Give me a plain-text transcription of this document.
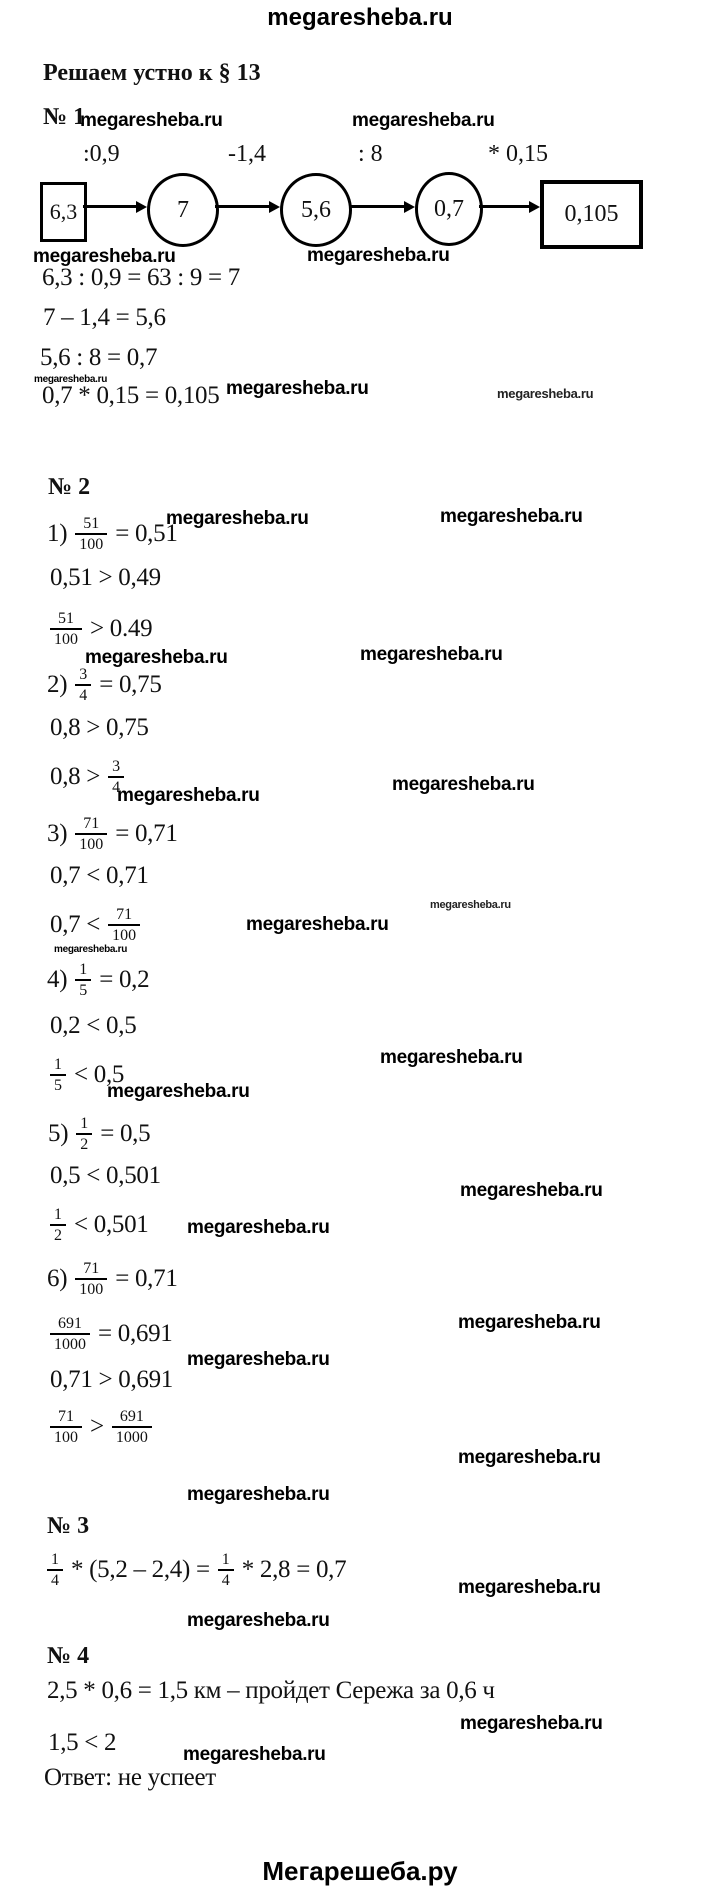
megaresheba.ru
Решаем устно к § 13
№ 1
megaresheba.ru	megaresheba.ru
:0,9	-1,4	: 8	* 0,15
6,3	7	5,6	0,7	0,105
megaresheba.ru	megaresheba.ru
6,3 : 0,9 = 63 : 9 = 7
7 – 1,4 = 5,6
5,6 : 8 = 0,7
megaresheba.ru
0,7 * 0,15 = 0,105 megaresheba.ru	megaresheba.ru
№ 2
$1) \frac{51}{100} = 0,51$
megaresheba.ru	megaresheba.ru
0,51 > 0,49
$\frac{51}{100} > 0.49$
megaresheba.ru	megaresheba.ru
$2) \frac{3}{4} = 0,75$
0,8 > 0,75
$0,8 > \frac{3}{4}$
megaresheba.ru
megaresheba.ru
$3) \frac{71}{100} = 0,71$
0,7 < 0,71
$0,7 < \frac{71}{100}$	megaresheba.ru
megaresheba.ru
megaresheba.ru
$4) \frac{1}{5} = 0,2$
0,2 < 0,5
megaresheba.ru
$\frac{1}{5} < 0,5$
megaresheba.ru
$5) \frac{1}{2} = 0,5$
0,5 < 0,501
megaresheba.ru
$\frac{1}{2} < 0,501$ megaresheba.ru
$6) \frac{71}{100} = 0,71$
$\frac{691}{1000} = 0,691$	megaresheba.ru
megaresheba.ru
0,71 > 0,691
$\frac{71}{100} > \frac{691}{1000}$
megaresheba.ru
megaresheba.ru
№ 3
$\frac{1}{4} * (5,2 - 2,4) = \frac{1}{4} * 2,8 = 0,7$
megaresheba.ru
megaresheba.ru
№ 4
2,5 * 0,6 = 1,5 км – пройдет Сережа за 0,6 ч
megaresheba.ru
1,5 < 2	megaresheba.ru
Ответ: не успеет
Мегарешеба.ру
